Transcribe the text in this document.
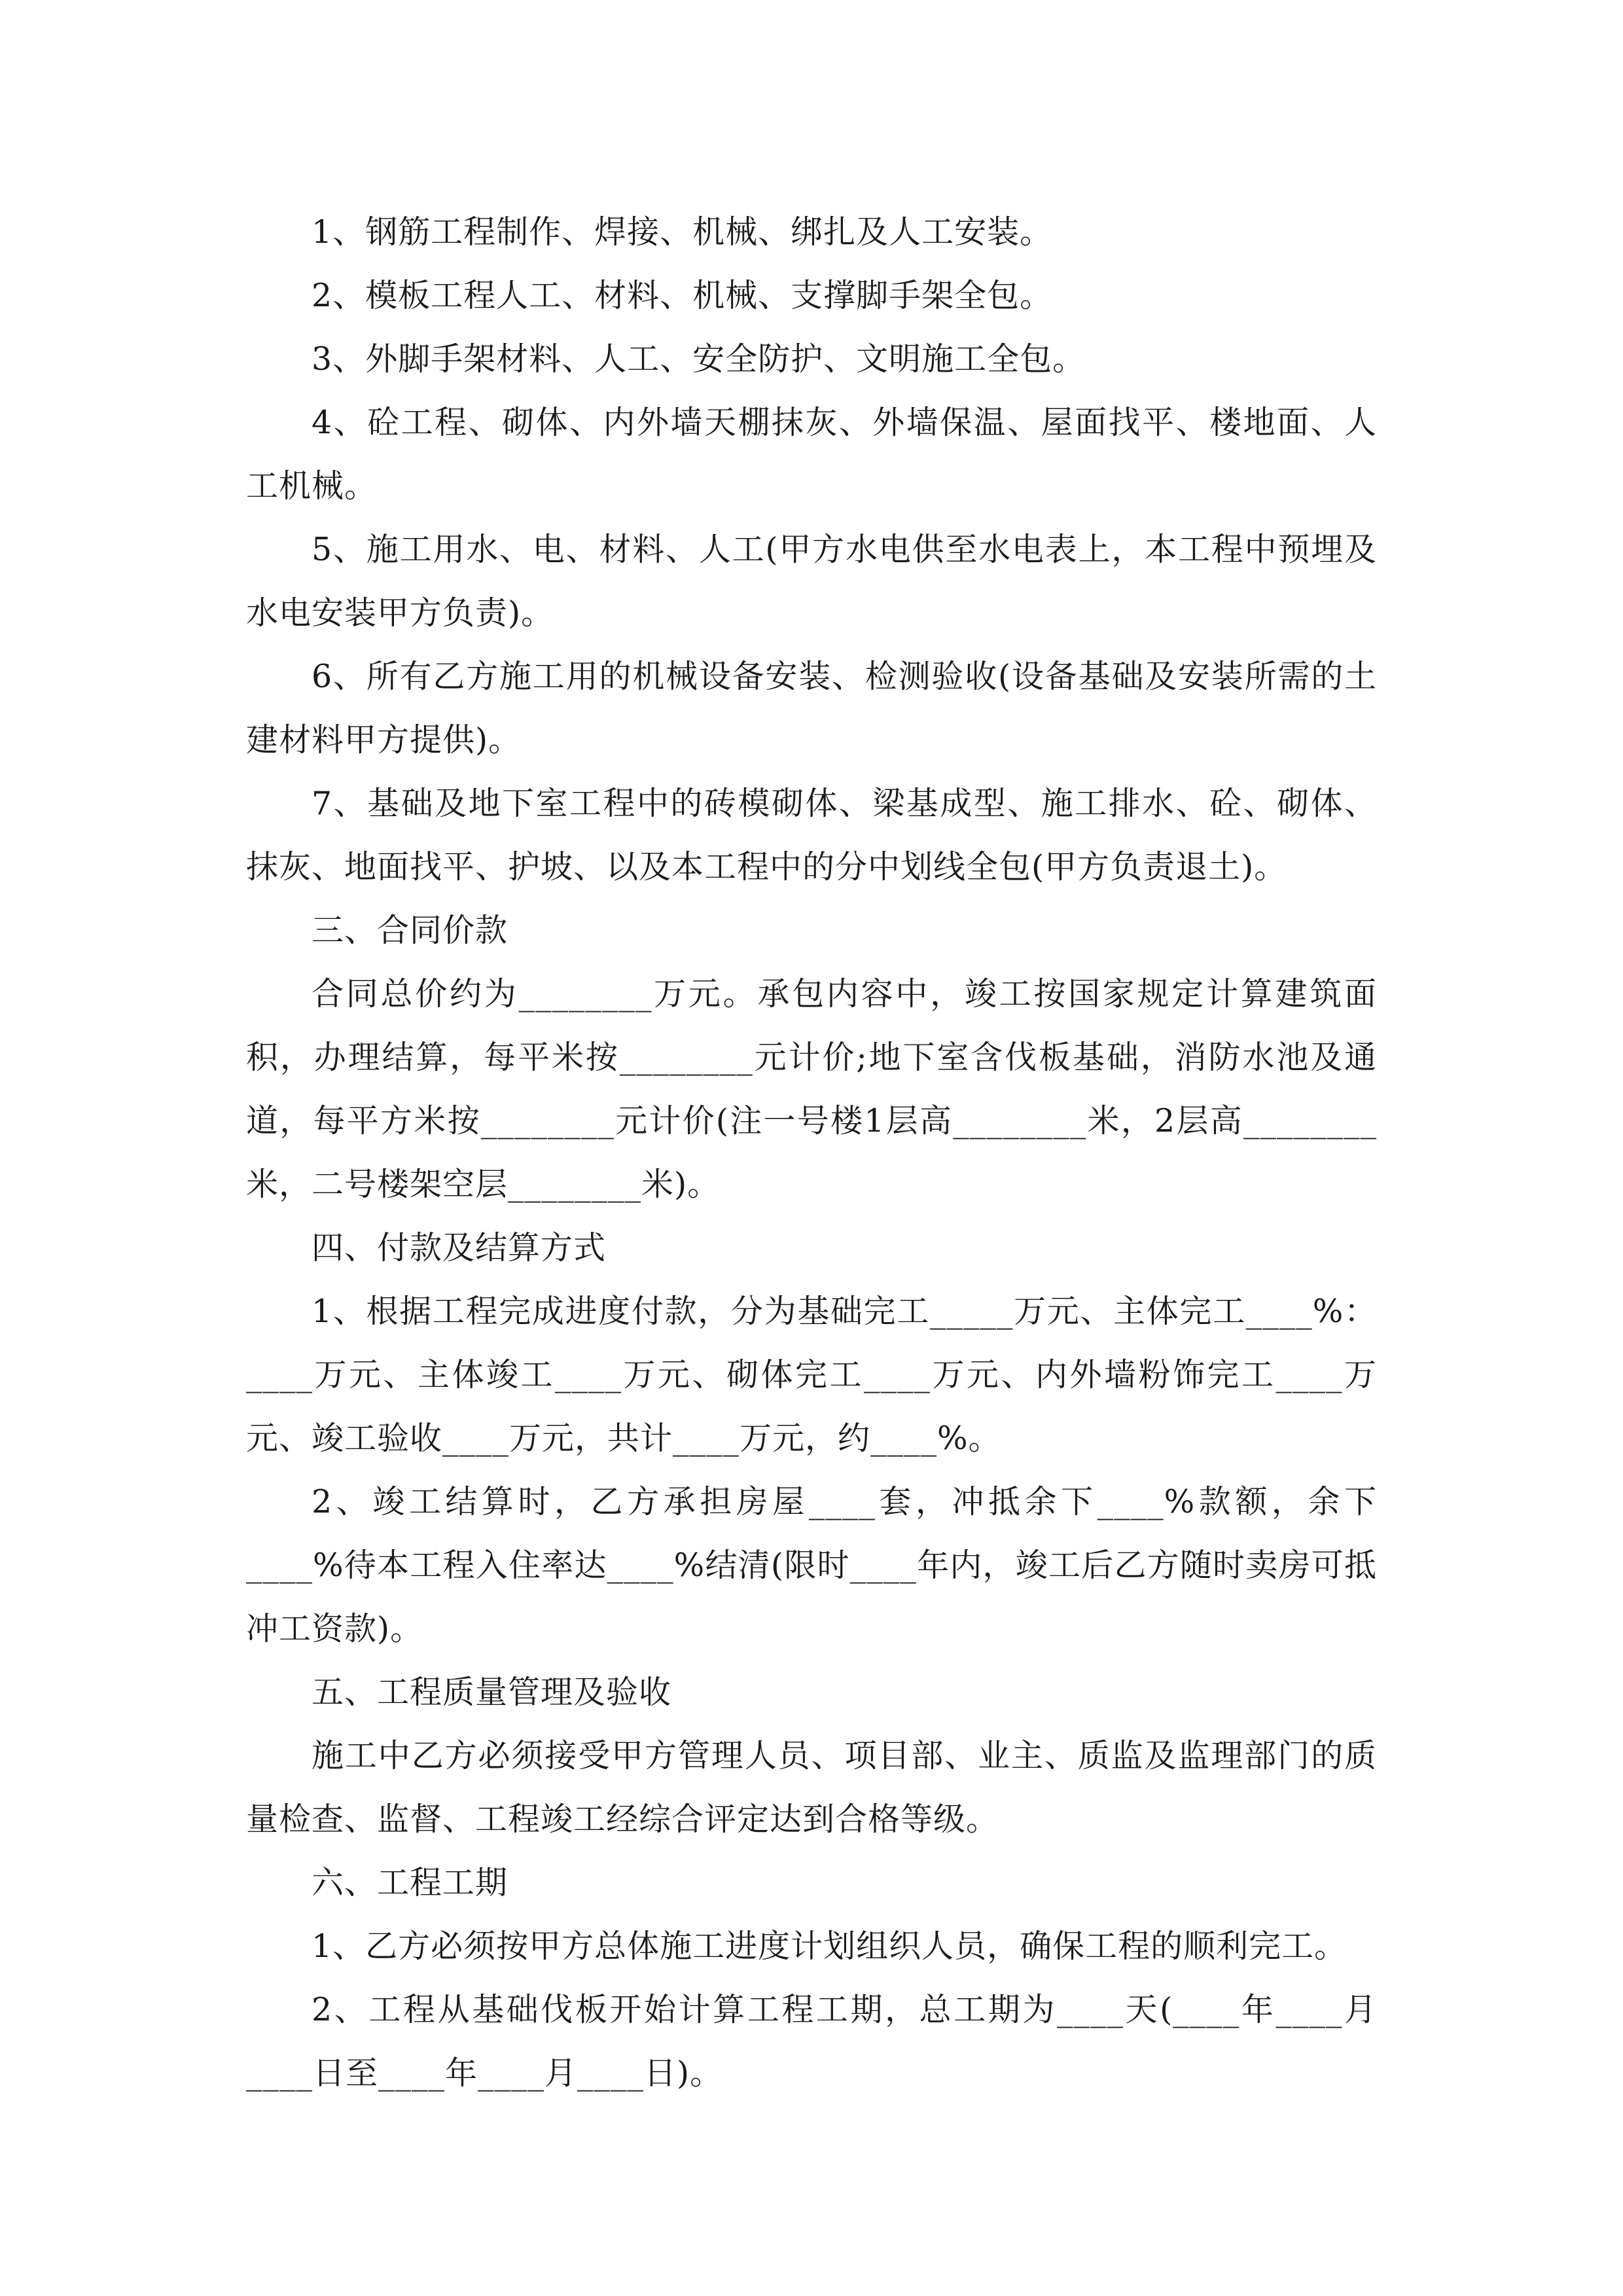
1、钢筋工程制作、焊接、机械、绑扎及人工安装。

2、模板工程人工、材料、机械、支撑脚手架全包。

3、外脚手架材料、人工、安全防护、文明施工全包。

4、砼工程、砌体、内外墙天棚抹灰、外墙保温、屋面找平、楼地面、人工机械。

5、施工用水、电、材料、人工(甲方水电供至水电表上，本工程中预埋及水电安装甲方负责)。

6、所有乙方施工用的机械设备安装、检测验收(设备基础及安装所需的土建材料甲方提供)。

7、基础及地下室工程中的砖模砌体、梁基成型、施工排水、砼、砌体、抹灰、地面找平、护坡、以及本工程中的分中划线全包(甲方负责退土)。

三、合同价款

合同总价约为________万元。承包内容中，竣工按国家规定计算建筑面积，办理结算，每平米按________元计价;地下室含伐板基础，消防水池及通道，每平方米按________元计价(注一号楼1层高________米，2层高________米，二号楼架空层________米)。

四、付款及结算方式

1、根据工程完成进度付款，分为基础完工_____万元、主体完工____%：____万元、主体竣工____万元、砌体完工____万元、内外墙粉饰完工____万元、竣工验收____万元，共计____万元，约____%。

2、竣工结算时，乙方承担房屋____套，冲抵余下____%款额，余下____%待本工程入住率达____%结清(限时____年内，竣工后乙方随时卖房可抵冲工资款)。

五、工程质量管理及验收

施工中乙方必须接受甲方管理人员、项目部、业主、质监及监理部门的质量检查、监督、工程竣工经综合评定达到合格等级。

六、工程工期

1、乙方必须按甲方总体施工进度计划组织人员，确保工程的顺利完工。

2、工程从基础伐板开始计算工程工期，总工期为____天(____年____月____日至____年____月____日)。
